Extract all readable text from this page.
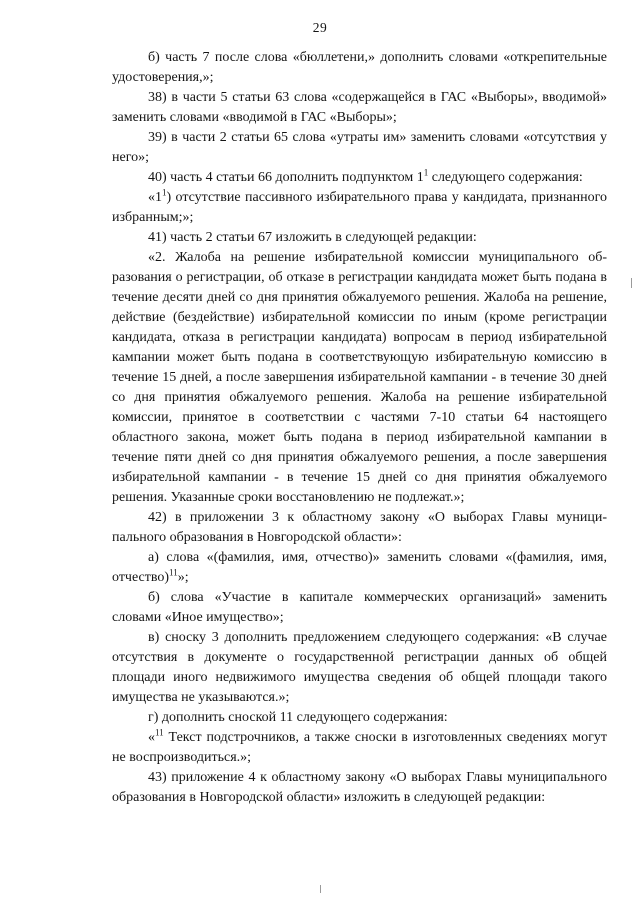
29

б) часть 7 после слова «бюллетени,» дополнить словами «открепительные удостоверения,»;

38) в части 5 статьи 63 слова «содержащейся в ГАС «Выборы», вводимой» заменить словами «вводимой в ГАС «Выборы»;

39) в части 2 статьи 65 слова «утраты им» заменить словами «отсутствия у него»;

40) часть 4 статьи 66 дополнить подпунктом $1^1$ следующего содержания:

«$1^1$) отсутствие пассивного избирательного права у кандидата, признанного избранным;»;

41) часть 2 статьи 67 изложить в следующей редакции:

«2. Жалоба на решение избирательной комиссии муниципального образования о регистрации, об отказе в регистрации кандидата может быть подана в течение десяти дней со дня принятия обжалуемого решения. Жалоба на решение, действие (бездействие) избирательной комиссии по иным (кроме регистрации кандидата, отказа в регистрации кандидата) вопросам в период избирательной кампании может быть подана в соответствующую избирательную комиссию в течение 15 дней, а после завершения избирательной кампании - в течение 30 дней со дня принятия обжалуемого решения. Жалоба на решение избирательной комиссии, принятое в соответствии с частями 7-10 статьи 64 настоящего областного закона, может быть подана в период избирательной кампании в течение пяти дней со дня принятия обжалуемого решения, а после завершения избирательной кампании - в течение 15 дней со дня принятия обжалуемого решения. Указанные сроки восстановлению не подлежат.»;

42) в приложении 3 к областному закону «О выборах Главы муниципального образования в Новгородской области»:

а) слова «(фамилия, имя, отчество)» заменить словами «(фамилия, имя, отчество)$^{11}$»;

б) слова «Участие в капитале коммерческих организаций» заменить словами «Иное имущество»;

в) сноску 3 дополнить предложением следующего содержания: «В случае отсутствия в документе о государственной регистрации данных об общей площади иного недвижимого имущества сведения об общей площади такого имущества не указываются.»;

г) дополнить сноской 11 следующего содержания:

«$^{11}$ Текст подстрочников, а также сноски в изготовленных сведениях могут не воспроизводиться.»;

43) приложение 4 к областному закону «О выборах Главы муниципального образования в Новгородской области» изложить в следующей редакции:
